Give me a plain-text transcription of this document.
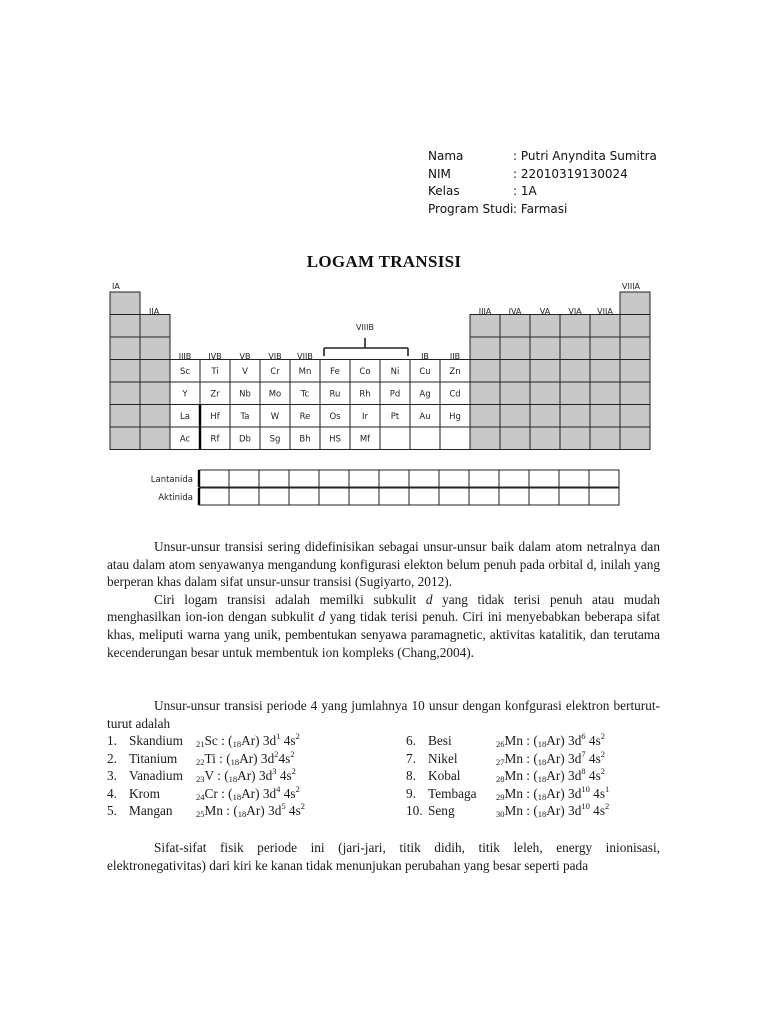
Nama	: Putri Anyndita Sumitra
NIM	: 22010319130024
Kelas	: 1A
Program Studi: Farmasi
LOGAM TRANSISI
Sc	Ti	V	Cr Mn Fe Co Ni Cu Zn
Y	Zr Nb Mo Tc Ru Rh Pd Ag Cd
La Hf Ta	W Re Os	Ir	Pt Au Hg
Ac Rf Db Sg Bh HS Mf
IA
IIA
VIIIA
IIIA IVA VA VIA VIIA
IIIB IVB VB VIB VIIB	IB	IIB
VIIIB
Lantanida
Aktinida

Unsur-unsur transisi sering didefinisikan sebagai unsur-unsur baik dalam atom netralnya dan atau dalam atom senyawanya mengandung konfigurasi elekton belum penuh pada orbital d, inilah yang berperan khas dalam sifat unsur-unsur transisi (Sugiyarto, 2012).

Ciri logam transisi adalah memilki subkulit d yang tidak terisi penuh atau mudah menghasilkan ion-ion dengan subkulit d yang tidak terisi penuh. Ciri ini menyebabkan beberapa sifat khas, meliputi warna yang unik, pembentukan senyawa paramagnetic, aktivitas katalitik, dan terutama kecenderungan besar untuk membentuk ion kompleks (Chang,2004).

Unsur-unsur transisi periode 4 yang jumlahnya 10 unsur dengan konfgurasi elektron berturut-turut adalah

1. Skandium $_{21}$Sc : $(_{18}Ar)$ $3d^1$ $4s^2$
2. Titanium $_{22}$Ti : $(_{18}Ar)$ $3d^24s^2$
3. Vanadium $_{23}$V : $(_{18}Ar)$ $3d^3$ $4s^2$
4. Krom	$_{24}$Cr : $(_{18}Ar)$ $3d^4$ $4s^2$
5. Mangan	$_{25}$Mn : $(_{18}Ar)$ $3d^5$ $4s^2$
6. Besi	$_{26}$Mn : $(_{18}Ar)$ $3d^6$ $4s^2$
7. Nikel	$_{27}$Mn : $(_{18}Ar)$ $3d^7$ $4s^2$
8. Kobal	$_{28}$Mn : $(_{18}Ar)$ $3d^8$ $4s^2$
9. Tembaga $_{29}$Mn : $(_{18}Ar)$ $3d^{10}$ $4s^1$
10. Seng	$_{30}$Mn : $(_{18}Ar)$ $3d^{10}$ $4s^2$

Sifat-sifat fisik periode ini (jari-jari, titik didih, titik leleh, energy inionisasi, elektronegativitas) dari kiri ke kanan tidak menunjukan perubahan yang besar seperti pada
